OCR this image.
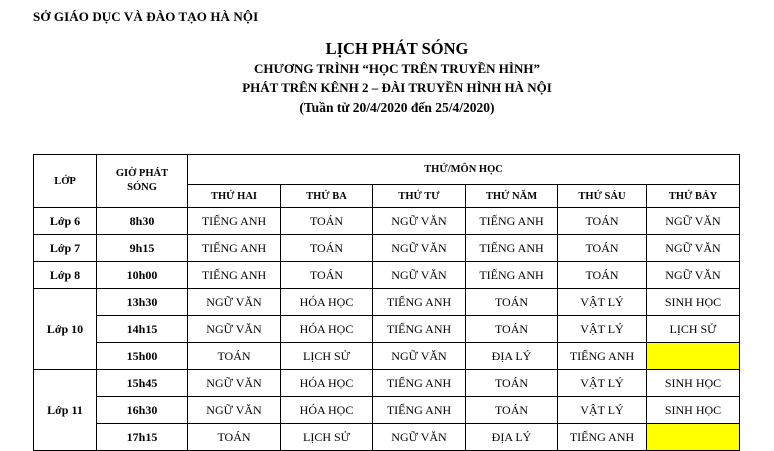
SỞ GIÁO DỤC VÀ ĐÀO TẠO HÀ NỘI
LỊCH PHÁT SÓNG
CHƯƠNG TRÌNH “HỌC TRÊN TRUYỀN HÌNH”
PHÁT TRÊN KÊNH 2 – ĐÀI TRUYỀN HÌNH HÀ NỘI
(Tuần từ 20/4/2020 đến 25/4/2020)
LỚP	GIỜ PHÁT SÓNG	THỨ/MÔN HỌC					
		THỨ HAI	THỨ BA	THỨ TƯ	THỨ NĂM	THỨ SÁU	THỨ BẢY
Lớp 6	8h30	TIẾNG ANH	TOÁN	NGỮ VĂN	TIẾNG ANH	TOÁN	NGỮ VĂN
Lớp 7	9h15	TIẾNG ANH	TOÁN	NGỮ VĂN	TIẾNG ANH	TOÁN	NGỮ VĂN
Lớp 8	10h00	TIẾNG ANH	TOÁN	NGỮ VĂN	TIẾNG ANH	TOÁN	NGỮ VĂN
Lớp 10	13h30	NGỮ VĂN	HÓA HỌC	TIẾNG ANH	TOÁN	VẬT LÝ	SINH HỌC
	14h15	NGỮ VĂN	HÓA HỌC	TIẾNG ANH	TOÁN	VẬT LÝ	LỊCH SỬ
	15h00	TOÁN	LỊCH SỬ	NGỮ VĂN	ĐỊA LÝ	TIẾNG ANH	
Lớp 11	15h45	NGỮ VĂN	HÓA HỌC	TIẾNG ANH	TOÁN	VẬT LÝ	SINH HỌC
	16h30	NGỮ VĂN	HÓA HỌC	TIẾNG ANH	TOÁN	VẬT LÝ	SINH HỌC
	17h15	TOÁN	LỊCH SỬ	NGỮ VĂN	ĐỊA LÝ	TIẾNG ANH	
